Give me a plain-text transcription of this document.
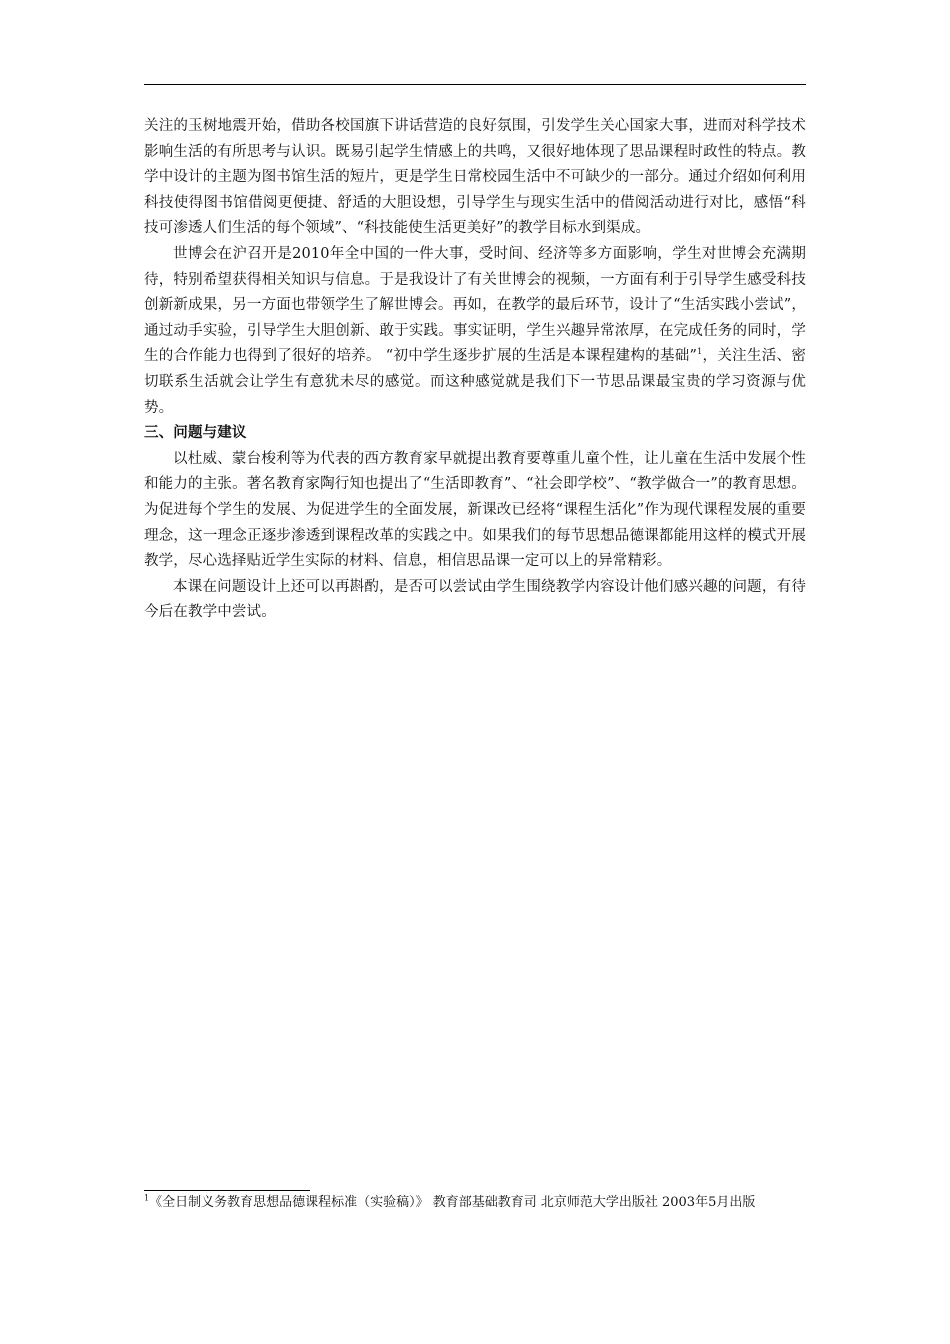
关注的玉树地震开始，借助各校国旗下讲话营造的良好氛围，引发学生关心国家大事，进而对科学技术影响生活的有所思考与认识。既易引起学生情感上的共鸣，又很好地体现了思品课程时政性的特点。教学中设计的主题为图书馆生活的短片，更是学生日常校园生活中不可缺少的一部分。通过介绍如何利用科技使得图书馆借阅更便捷、舒适的大胆设想，引导学生与现实生活中的借阅活动进行对比，感悟“科技可渗透人们生活的每个领域”、“科技能使生活更美好”的教学目标水到渠成。

世博会在沪召开是2010年全中国的一件大事，受时间、经济等多方面影响，学生对世博会充满期待，特别希望获得相关知识与信息。于是我设计了有关世博会的视频，一方面有利于引导学生感受科技创新新成果，另一方面也带领学生了解世博会。再如，在教学的最后环节，设计了“生活实践小尝试”，通过动手实验，引导学生大胆创新、敢于实践。事实证明，学生兴趣异常浓厚，在完成任务的同时，学生的合作能力也得到了很好的培养。 “初中学生逐步扩展的生活是本课程建构的基础”$^1$，关注生活、密切联系生活就会让学生有意犹未尽的感觉。而这种感觉就是我们下一节思品课最宝贵的学习资源与优势。

三、问题与建议

以杜威、蒙台梭利等为代表的西方教育家早就提出教育要尊重儿童个性，让儿童在生活中发展个性和能力的主张。著名教育家陶行知也提出了“生活即教育”、“社会即学校”、“教学做合一”的教育思想。为促进每个学生的发展、为促进学生的全面发展，新课改已经将“课程生活化”作为现代课程发展的重要理念，这一理念正逐步渗透到课程改革的实践之中。如果我们的每节思想品德课都能用这样的模式开展教学，尽心选择贴近学生实际的材料、信息，相信思品课一定可以上的异常精彩。

本课在问题设计上还可以再斟酌，是否可以尝试由学生围绕教学内容设计他们感兴趣的问题，有待今后在教学中尝试。

$^1$《全日制义务教育思想品德课程标准（实验稿）》 教育部基础教育司 北京师范大学出版社 2003年5月出版
